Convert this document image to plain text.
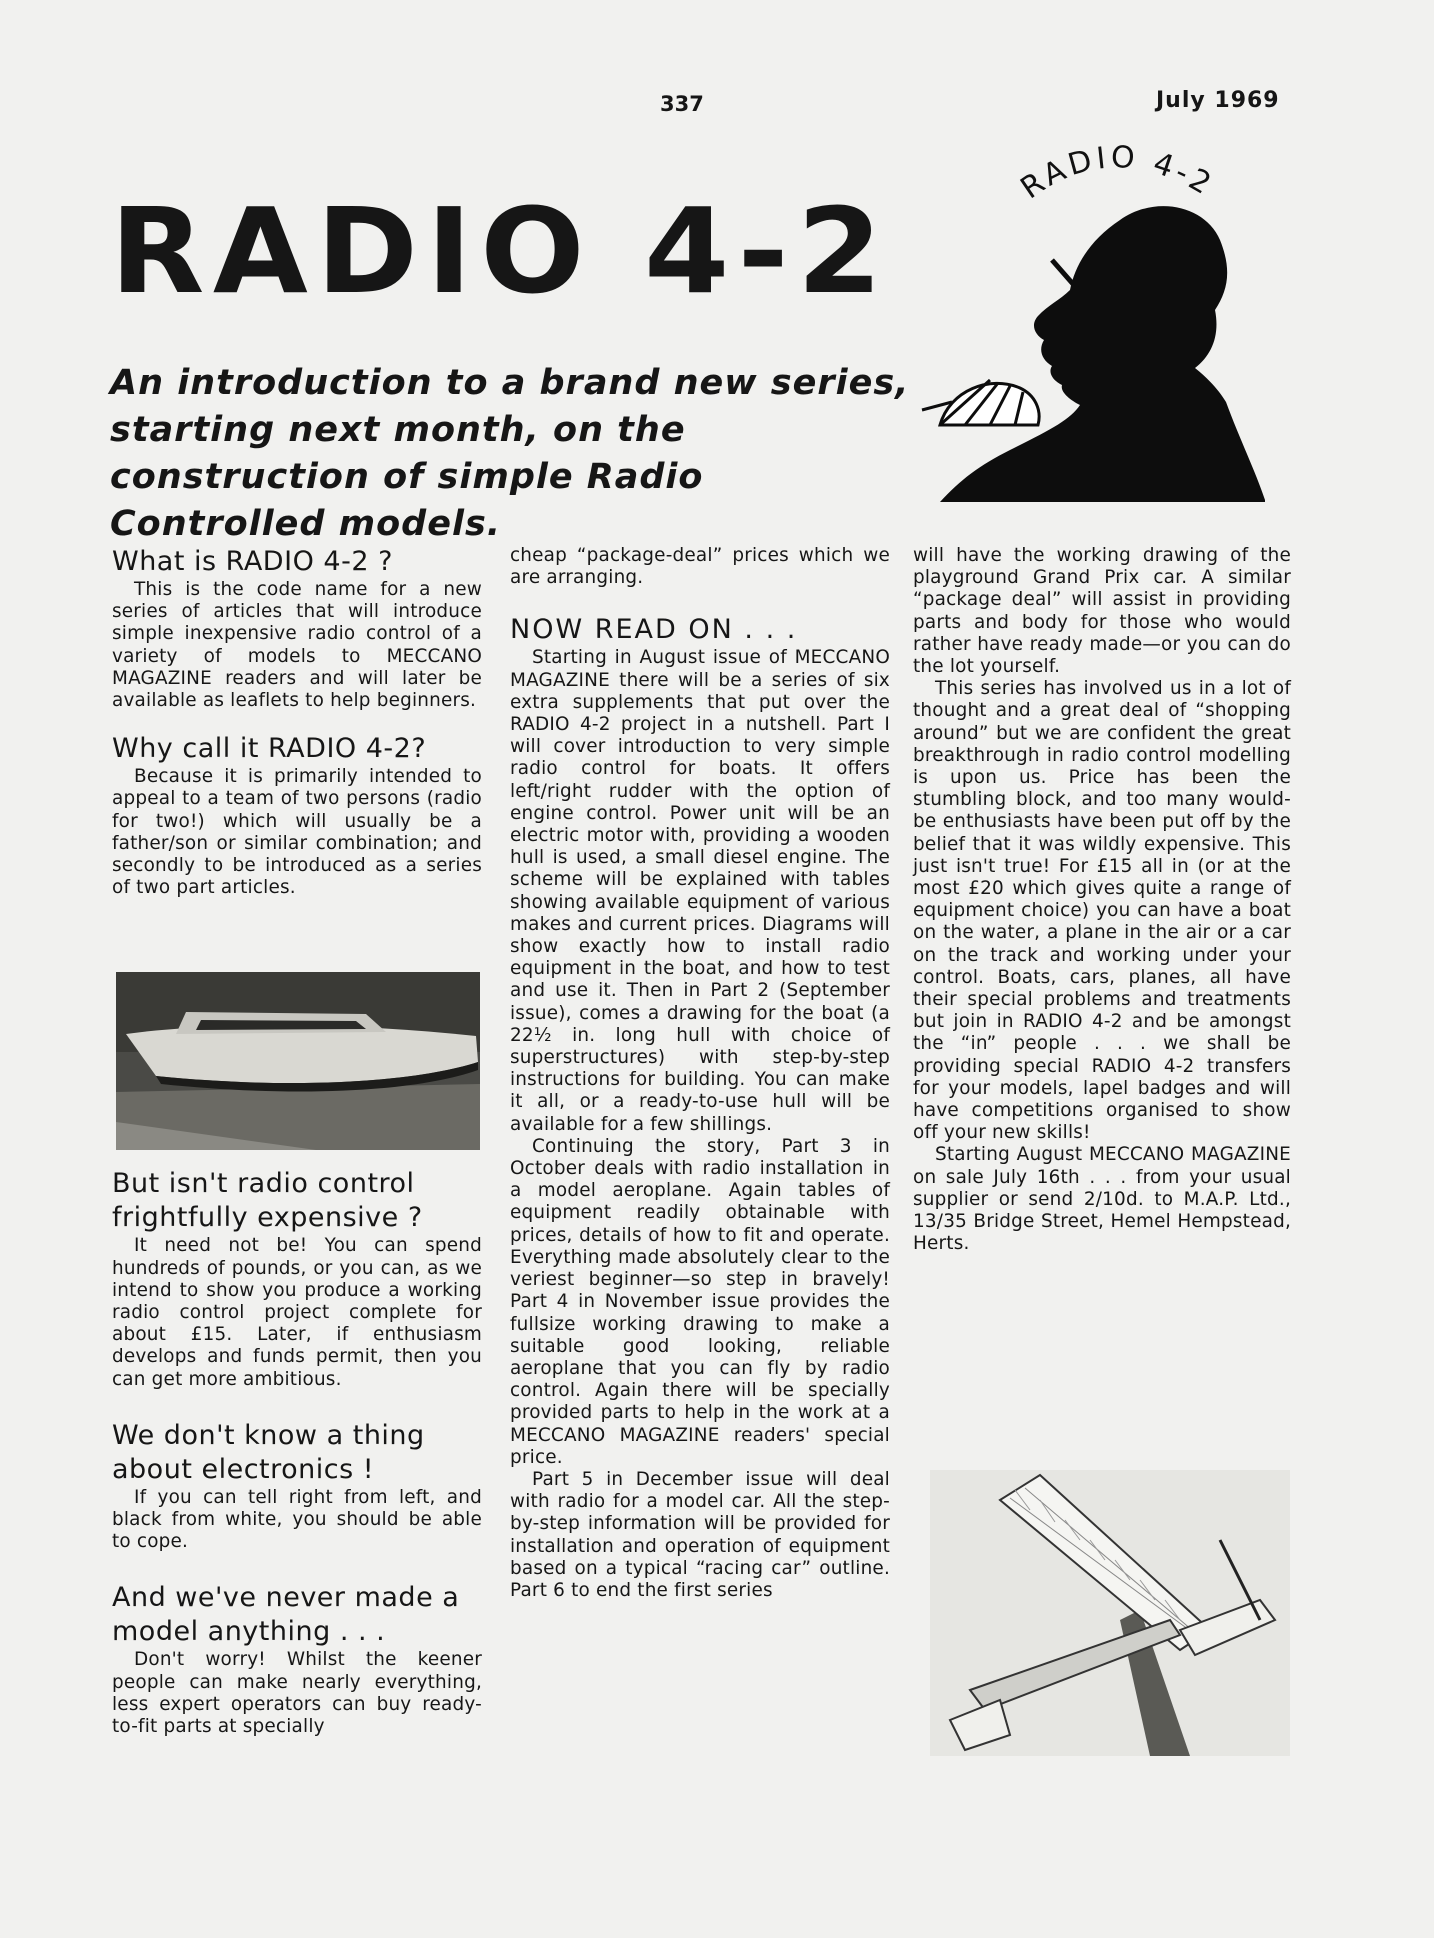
337	July 1969
RADIO 4-2
An introduction to a brand new series, starting next month, on the construction of simple Radio Controlled models.
RADIO 4-2
What is RADIO 4-2 ?

This is the code name for a new series of articles that will introduce simple inexpensive radio control of a variety of models to MECCANO MAGAZINE readers and will later be available as leaflets to help beginners.

Why call it RADIO 4-2?

Because it is primarily intended to appeal to a team of two persons (radio for two!) which will usually be a father/son or similar combination; and secondly to be introduced as a series of two part articles.

But isn't radio control frightfully expensive ?

It need not be! You can spend hundreds of pounds, or you can, as we intend to show you produce a working radio control project complete for about £15. Later, if enthusiasm develops and funds permit, then you can get more ambitious.

We don't know a thing about electronics !

If you can tell right from left, and black from white, you should be able to cope.

And we've never made a model anything . . .

Don't worry! Whilst the keener people can make nearly everything, less expert operators can buy ready-to-fit parts at specially

cheap “package-deal” prices which we are arranging.

NOW READ ON . . .

Starting in August issue of MECCANO MAGAZINE there will be a series of six extra supplements that put over the RADIO 4-2 project in a nutshell. Part I will cover introduction to very simple radio control for boats. It offers left/right rudder with the option of engine control. Power unit will be an electric motor with, providing a wooden hull is used, a small diesel engine. The scheme will be explained with tables showing available equipment of various makes and current prices. Diagrams will show exactly how to install radio equipment in the boat, and how to test and use it. Then in Part 2 (September issue), comes a drawing for the boat (a 22½ in. long hull with choice of superstructures) with step-by-step instructions for building. You can make it all, or a ready-to-use hull will be available for a few shillings.

Continuing the story, Part 3 in October deals with radio installation in a model aeroplane. Again tables of equipment readily obtainable with prices, details of how to fit and operate. Everything made absolutely clear to the veriest beginner—so step in bravely! Part 4 in November issue provides the fullsize working drawing to make a suitable good looking, reliable aeroplane that you can fly by radio control. Again there will be specially provided parts to help in the work at a MECCANO MAGAZINE readers' special price.

Part 5 in December issue will deal with radio for a model car. All the step-by-step information will be provided for installation and operation of equipment based on a typical “racing car” outline. Part 6 to end the first series

will have the working drawing of the playground Grand Prix car. A similar “package deal” will assist in providing parts and body for those who would rather have ready made—or you can do the lot yourself.

This series has involved us in a lot of thought and a great deal of “shopping around” but we are confident the great breakthrough in radio control modelling is upon us. Price has been the stumbling block, and too many would-be enthusiasts have been put off by the belief that it was wildly expensive. This just isn't true! For £15 all in (or at the most £20 which gives quite a range of equipment choice) you can have a boat on the water, a plane in the air or a car on the track and working under your control. Boats, cars, planes, all have their special problems and treatments but join in RADIO 4-2 and be amongst the “in” people . . . we shall be providing special RADIO 4-2 transfers for your models, lapel badges and will have competitions organised to show off your new skills!

Starting August MECCANO MAGAZINE on sale July 16th . . . from your usual supplier or send 2/10d. to M.A.P. Ltd., 13/35 Bridge Street, Hemel Hempstead, Herts.
